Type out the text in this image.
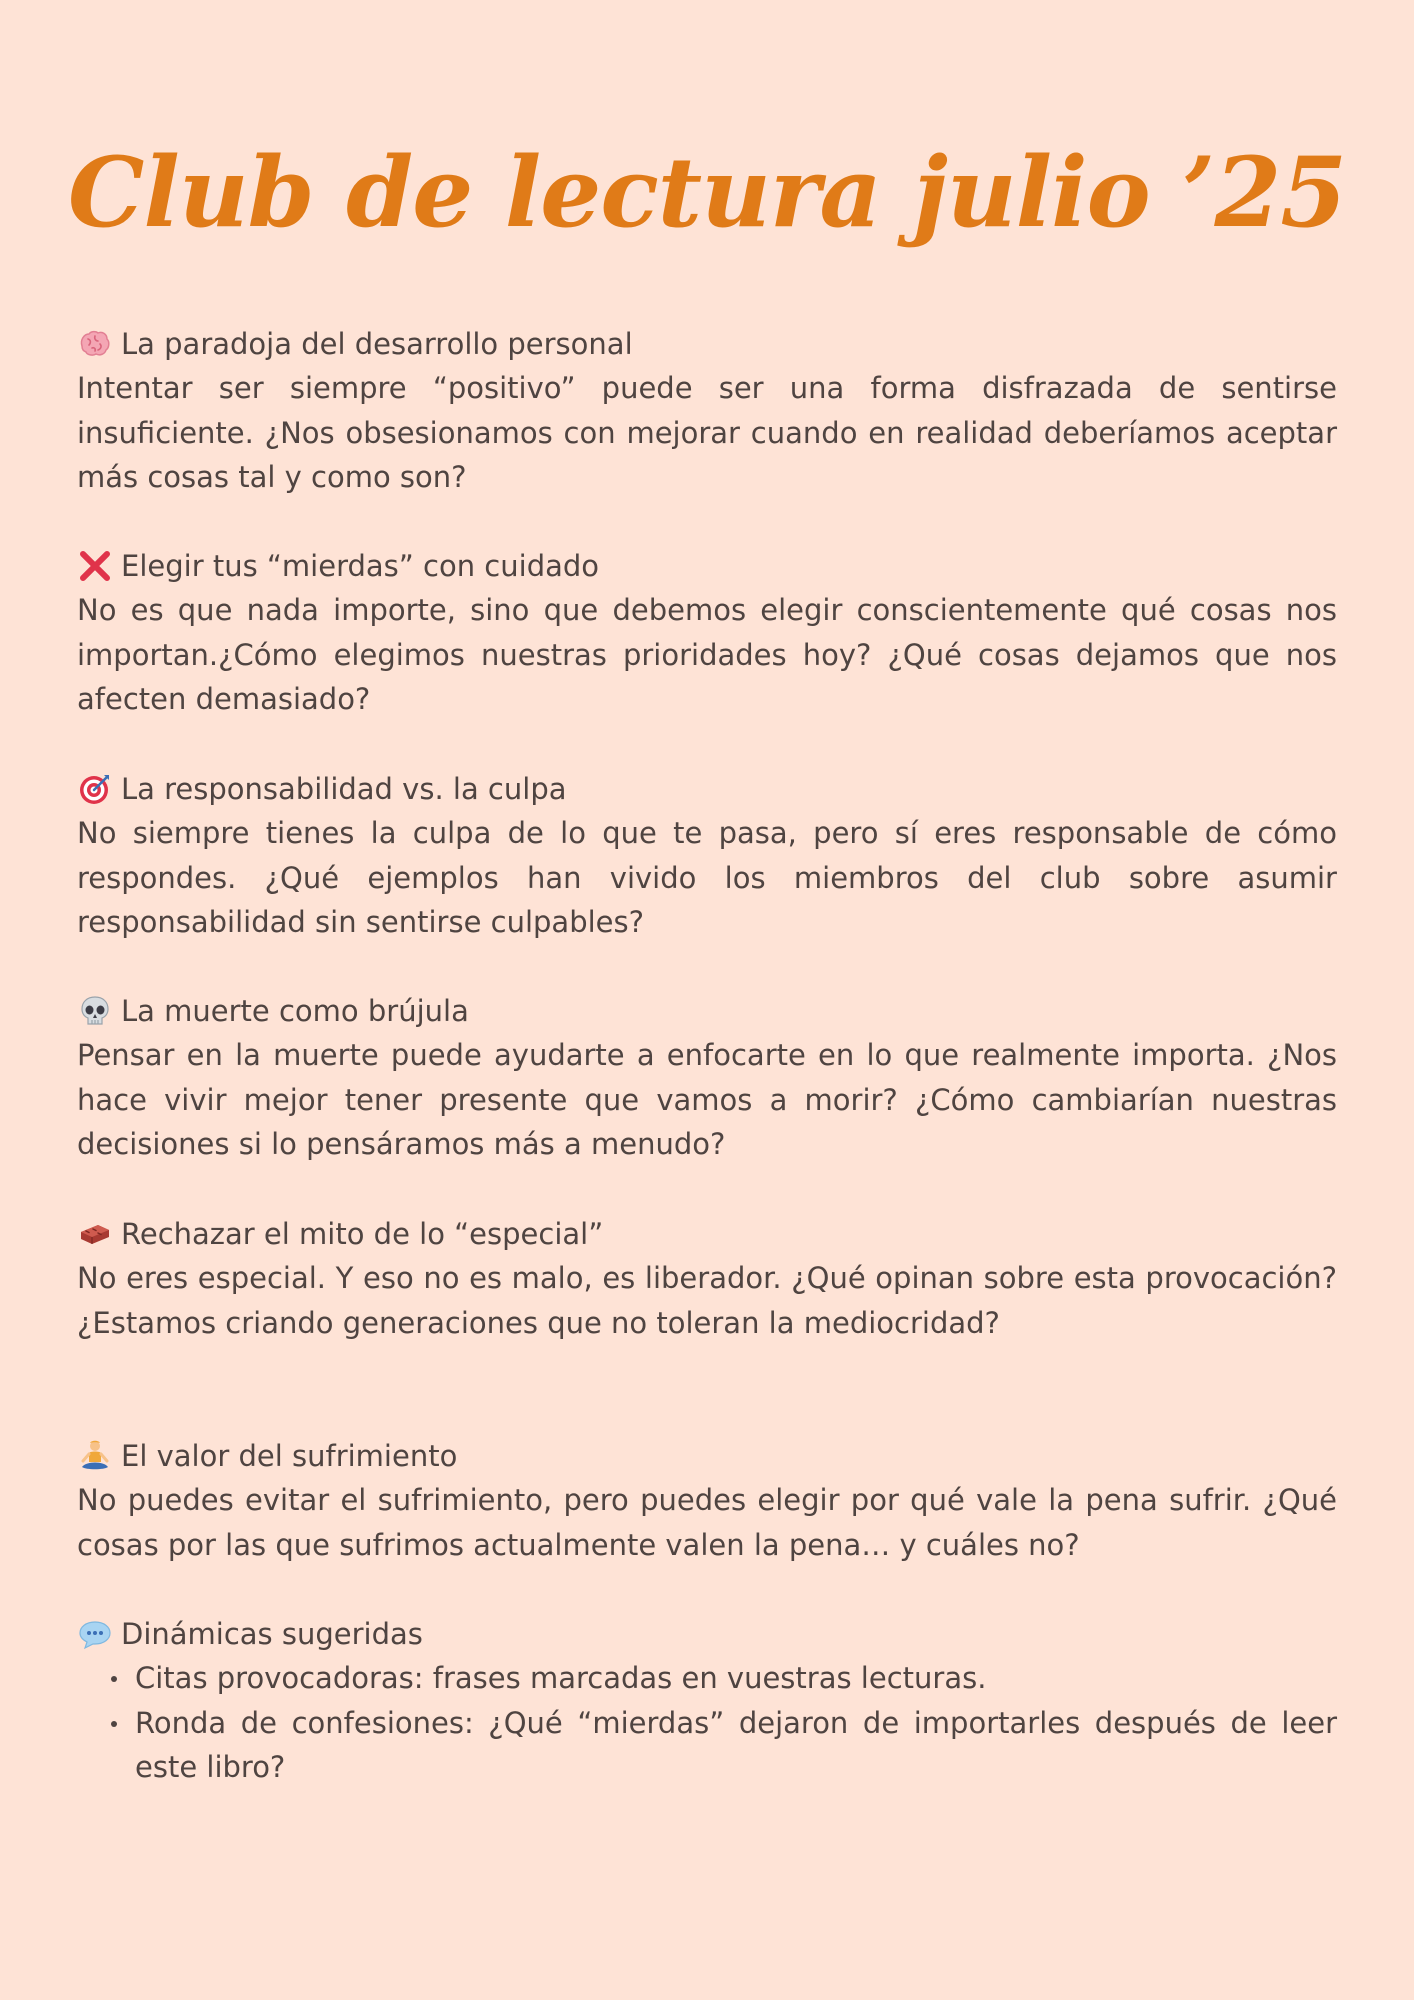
Club de lectura julio ’25
La paradoja del desarrollo personal

Intentar ser siempre “positivo” puede ser una forma disfrazada de sentirse insuficiente. ¿Nos obsesionamos con mejorar cuando en realidad deberíamos aceptar más cosas tal y como son?

Elegir tus “mierdas” con cuidado

No es que nada importe, sino que debemos elegir conscientemente qué cosas nos importan.¿Cómo elegimos nuestras prioridades hoy? ¿Qué cosas dejamos que nos afecten demasiado?

La responsabilidad vs. la culpa

No siempre tienes la culpa de lo que te pasa, pero sí eres responsable de cómo respondes. ¿Qué ejemplos han vivido los miembros del club sobre asumir responsabilidad sin sentirse culpables?

La muerte como brújula

Pensar en la muerte puede ayudarte a enfocarte en lo que realmente importa. ¿Nos hace vivir mejor tener presente que vamos a morir? ¿Cómo cambiarían nuestras decisiones si lo pensáramos más a menudo?

Rechazar el mito de lo “especial”

No eres especial. Y eso no es malo, es liberador. ¿Qué opinan sobre esta provocación? ¿Estamos criando generaciones que no toleran la mediocridad?

El valor del sufrimiento

No puedes evitar el sufrimiento, pero puedes elegir por qué vale la pena sufrir. ¿Qué cosas por las que sufrimos actualmente valen la pena… y cuáles no?

Dinámicas sugeridas
Citas provocadoras: frases marcadas en vuestras lecturas.
Ronda de confesiones: ¿Qué “mierdas” dejaron de importarles después de leer este libro?
